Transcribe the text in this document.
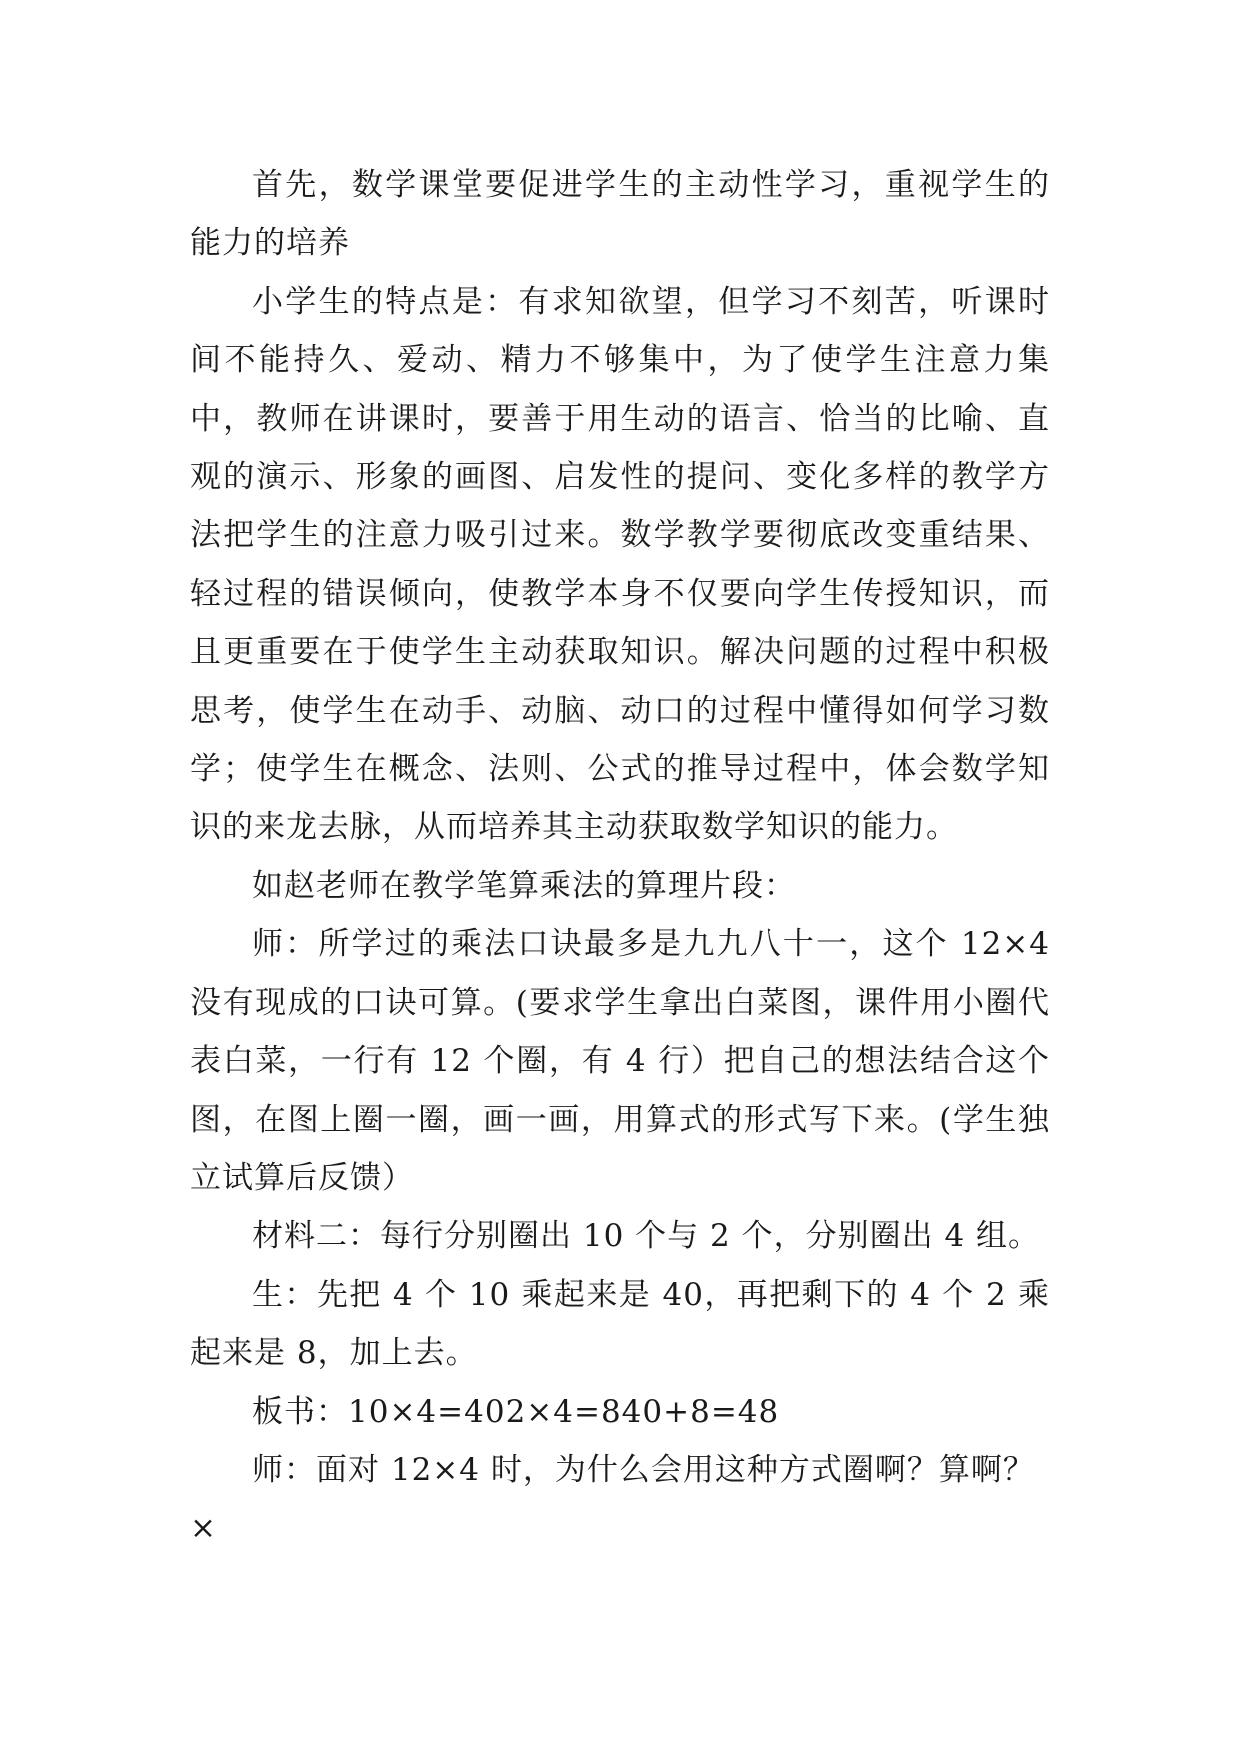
首先，数学课堂要促进学生的主动性学习，重视学生的能力的培养

小学生的特点是：有求知欲望，但学习不刻苦，听课时间不能持久、爱动、精力不够集中，为了使学生注意力集中，教师在讲课时，要善于用生动的语言、恰当的比喻、直观的演示、形象的画图、启发性的提问、变化多样的教学方法把学生的注意力吸引过来。数学教学要彻底改变重结果、轻过程的错误倾向，使教学本身不仅要向学生传授知识，而且更重要在于使学生主动获取知识。解决问题的过程中积极思考，使学生在动手、动脑、动口的过程中懂得如何学习数学；使学生在概念、法则、公式的推导过程中，体会数学知识的来龙去脉，从而培养其主动获取数学知识的能力。

如赵老师在教学笔算乘法的算理片段：

师：所学过的乘法口诀最多是九九八十一，这个 12×4 没有现成的口诀可算。(要求学生拿出白菜图，课件用小圈代表白菜，一行有 12 个圈，有 4 行）把自己的想法结合这个图，在图上圈一圈，画一画，用算式的形式写下来。(学生独立试算后反馈）

材料二：每行分别圈出 10 个与 2 个，分别圈出 4 组。

生：先把 4 个 10 乘起来是 40，再把剩下的 4 个 2 乘起来是 8，加上去。

板书：10×4=402×4=840+8=48

师：面对 12×4 时，为什么会用这种方式圈啊？算啊？

×
